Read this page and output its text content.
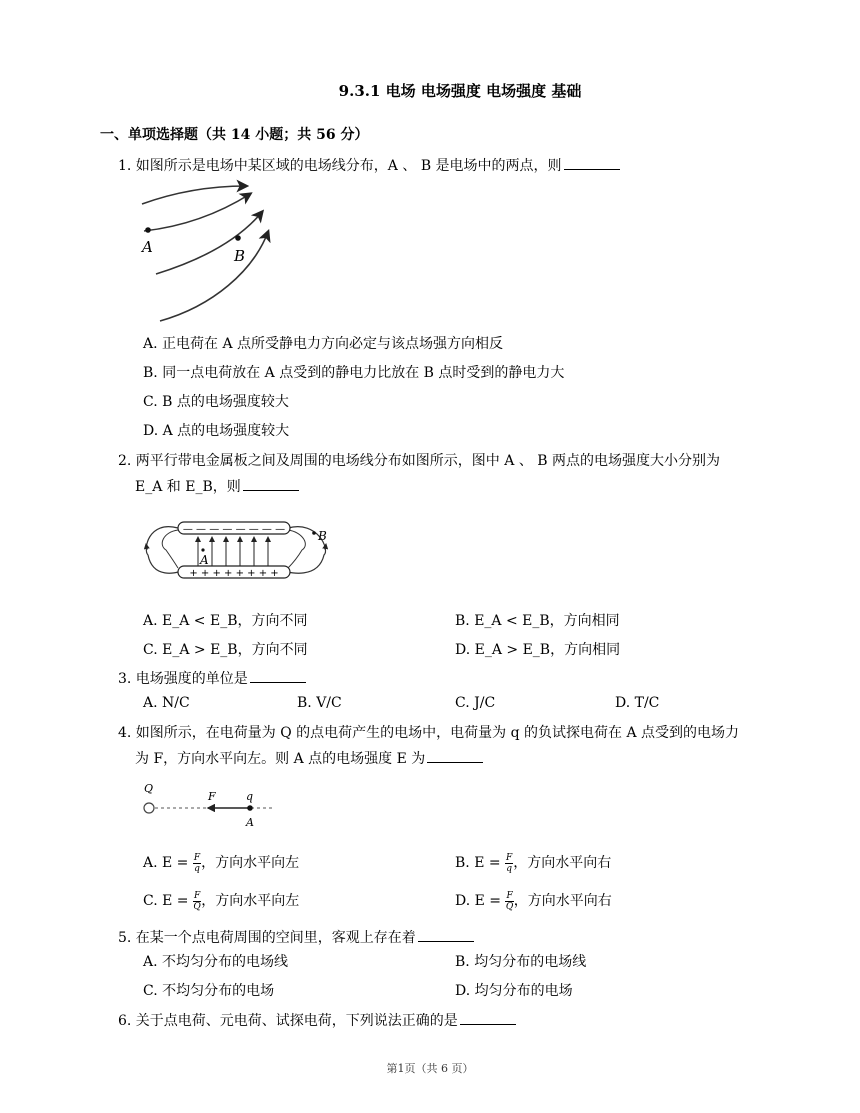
9.3.1 电场 电场强度 电场强度 基础
一、单项选择题（共 14 小题；共 56 分）
1. 如图所示是电场中某区域的电场线分布，A 、 B 是电场中的两点，则
A	B
A. 正电荷在 A 点所受静电力方向必定与该点场强方向相反
B. 同一点电荷放在 A 点受到的静电力比放在 B 点时受到的静电力大
C. B 点的电场强度较大
D. A 点的电场强度较大
2. 两平行带电金属板之间及周围的电场线分布如图所示，图中 A 、 B 两点的电场强度大小分别为
E_A 和 E_B，则
— — — — — — — —
+ + + + + + + +
A
B
A. E_A < E_B，方向不同	B. E_A < E_B，方向相同
C. E_A > E_B，方向不同	D. E_A > E_B，方向相同
3. 电场强度的单位是
A. N/C	B. V/C	C. J/C	D. T/C
4. 如图所示，在电荷量为 Q 的点电荷产生的电场中，电荷量为 q 的负试探电荷在 A 点受到的电场力
为 F，方向水平向左。则 A 点的电场强度 E 为
Q
F	q
A
A. $E = \frac{F}{q}$ ，方向水平向左	B. $E = \frac{F}{q}$ ，方向水平向右
C. $E = \frac{F}{Q}$ ，方向水平向左	D. $E = \frac{F}{Q}$ ，方向水平向右
5. 在某一个点电荷周围的空间里，客观上存在着
A. 不均匀分布的电场线	B. 均匀分布的电场线
C. 不均匀分布的电场	D. 均匀分布的电场
6. 关于点电荷、元电荷、试探电荷，下列说法正确的是
第1页（共 6 页）
